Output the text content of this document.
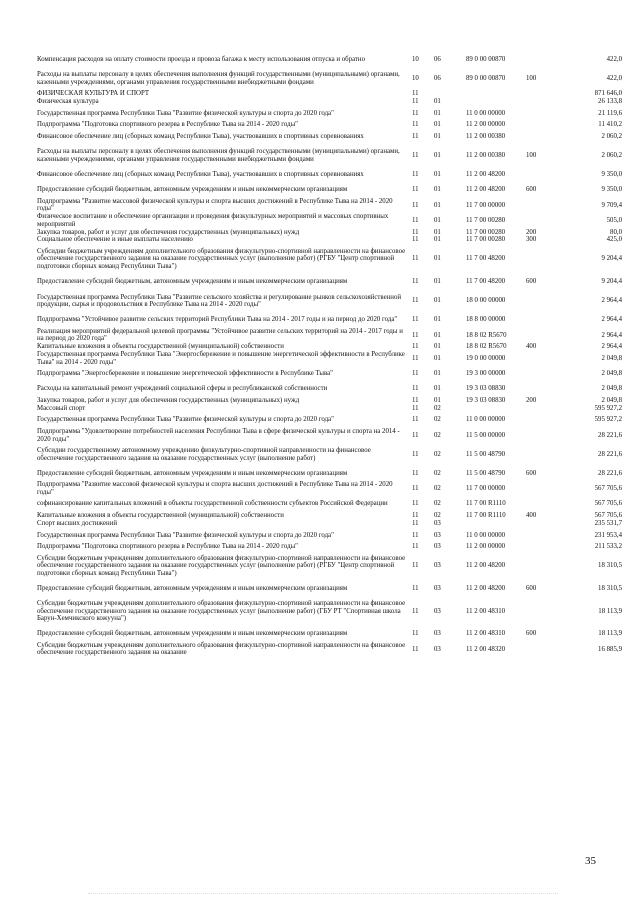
Компенсация расходов на оплату стоимости проезда и провоза багажа к месту использования отпуска и обратно	10	06	89 0 00 00870		422,0
Расходы на выплаты персоналу в целях обеспечения выполнения функций государственными (муниципальными) органами, казенными учреждениями, органами управления государственными внебюджетными фондами	10	06	89 0 00 00870	100	422,0
ФИЗИЧЕСКАЯ КУЛЬТУРА И СПОРТ	11				871 646,0
Физическая культура	11	01			26 133,8
Государственная программа Республики Тыва "Развитие физической культуры и спорта до 2020 года"	11	01	11 0 00 00000		21 119,6
Подпрограмма "Подготовка спортивного резерва в Республике Тыва на 2014 - 2020 годы"	11	01	11 2 00 00000		11 410,2
Финансовое обеспечение лиц (сборных команд Республики Тыва), участвовавших в спортивных соревнованиях	11	01	11 2 00 00380		2 060,2
Расходы на выплаты персоналу в целях обеспечения выполнения функций государственными (муниципальными) органами, казенными учреждениями, органами управления государственными внебюджетными фондами	11	01	11 2 00 00380	100	2 060,2
Финансовое обеспечение лиц (сборных команд Республики Тыва), участвовавших в спортивных соревнованиях	11	01	11 2 00 48200		9 350,0
Предоставление субсидий бюджетным, автономным учреждениям и иным некоммерческим организациям	11	01	11 2 00 48200	600	9 350,0
Подпрограмма "Развитие массовой физической культуры и спорта высших достижений в Республике Тыва на 2014 - 2020 годы"	11	01	11 7 00 00000		9 709,4
Физическое воспитание и обеспечение организации и проведения физкультурных мероприятий и массовых спортивных мероприятий	11	01	11 7 00 00280		505,0
Закупка товаров, работ и услуг для обеспечения государственных (муниципальных) нужд	11	01	11 7 00 00280	200	80,0
Социальное обеспечение и иные выплаты населению	11	01	11 7 00 00280	300	425,0
Субсидии бюджетным учреждениям дополнительного образования физкультурно-спортивной направленности на финансовое обеспечение государственного задания на оказание государственных услуг (выполнение работ) (РГБУ "Центр спортивной подготовки сборных команд Республики Тыва")	11	01	11 7 00 48200		9 204,4
Предоставление субсидий бюджетным, автономным учреждениям и иным некоммерческим организациям	11	01	11 7 00 48200	600	9 204,4
Государственная программа Республики Тыва "Развитие сельского хозяйства и регулирование рынков сельскохозяйственной продукции, сырья и продовольствия в Республике Тыва на 2014 - 2020 годы"	11	01	18 0 00 00000		2 964,4
Подпрограмма "Устойчивое развитие сельских территорий Республики Тыва на 2014 - 2017 годы и на период до 2020 года"	11	01	18 8 00 00000		2 964,4
Реализация мероприятий федеральной целевой программы "Устойчивое развитие сельских территорий на 2014 - 2017 годы и на период до 2020 года"	11	01	18 8 02 R5670		2 964,4
Капитальные вложения в объекты государственной (муниципальной) собственности	11	01	18 8 02 R5670	400	2 964,4
Государственная программа Республики Тыва "Энергосбережение и повышение энергетической эффективности в Республике Тыва" на 2014 - 2020 годы"	11	01	19 0 00 00000		2 049,8
Подпрограмма "Энергосбережение и повышение энергетической эффективности в Республике Тыва"	11	01	19 3 00 00000		2 049,8
Расходы на капитальный ремонт учреждений социальной сферы и республиканской собственности	11	01	19 3 03 08830		2 049,8
Закупка товаров, работ и услуг для обеспечения государственных (муниципальных) нужд	11	01	19 3 03 08830	200	2 049,8
Массовый спорт	11	02			595 927,2
Государственная программа Республики Тыва "Развитие физической культуры и спорта до 2020 года"	11	02	11 0 00 00000		595 927,2
Подпрограмма "Удовлетворение потребностей населения Республики Тыва в сфере физической культуры и спорта на 2014 - 2020 годы"	11	02	11 5 00 00000		28 221,6
Субсидии государственному автономному учреждению физкультурно-спортивной направленности на финансовое обеспечение государственного задания на оказание государственных услуг (выполнение работ)	11	02	11 5 00 48790		28 221,6
Предоставление субсидий бюджетным, автономным учреждениям и иным некоммерческим организациям	11	02	11 5 00 48790	600	28 221,6
Подпрограмма "Развитие массовой физической культуры и спорта высших достижений в Республике Тыва на 2014 - 2020 годы"	11	02	11 7 00 00000		567 705,6
софинансирование капитальных вложений в объекты государственной собственности субъектов Российской Федерации	11	02	11 7 00 R1110		567 705,6
Капитальные вложения в объекты государственной (муниципальной) собственности	11	02	11 7 00 R1110	400	567 705,6
Спорт высших достижений	11	03			235 531,7
Государственная программа Республики Тыва "Развитие физической культуры и спорта до 2020 года"	11	03	11 0 00 00000		231 953,4
Подпрограмма "Подготовка спортивного резерва в Республике Тыва на 2014 - 2020 годы"	11	03	11 2 00 00000		211 533,2
Субсидии бюджетным учреждениям дополнительного образования физкультурно-спортивной направленности на финансовое обеспечение государственного задания на оказание государственных услуг (выполнение работ) (РГБУ "Центр спортивной подготовки сборных команд Республики Тыва")	11	03	11 2 00 48200		18 310,5
Предоставление субсидий бюджетным, автономным учреждениям и иным некоммерческим организациям	11	03	11 2 00 48200	600	18 310,5
Субсидии бюджетным учреждениям дополнительного образования физкультурно-спортивной направленности на финансовое обеспечение государственного задания на оказание государственных услуг (выполнение работ) (ГБУ РТ "Спортивная школа Барун-Хемчикского кожууна")	11	03	11 2 00 48310		18 113,9
Предоставление субсидий бюджетным, автономным учреждениям и иным некоммерческим организациям	11	03	11 2 00 48310	600	18 113,9
Субсидии бюджетным учреждениям дополнительного образования физкультурно-спортивной направленности на финансовое обеспечение государственного задания на оказание	11	03	11 2 00 48320		16 885,9
35
